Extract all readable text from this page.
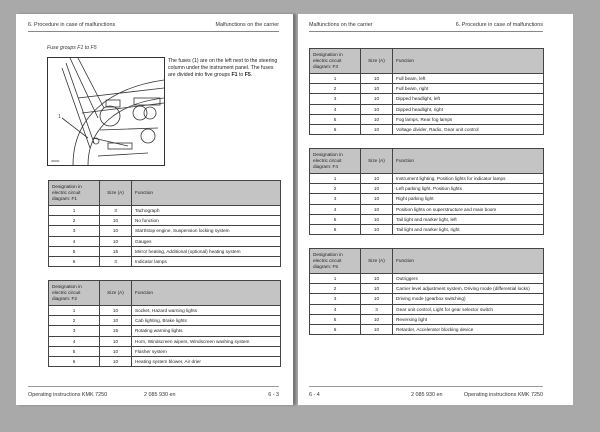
6. Procedure in case of malfunctions	Malfunctions on the carrier
Fuse groups F1 to F5
1
40000
The fuses (1) are on the left next to the steering column under the instrument panel. The fuses are divided into five groups F1 to F5.
Designation in electric circuit diagram: F1	Size (A)	Function
1	3	Tachograph
2	10	No function
3	10	Start/stop engine, Suspension locking system
4	10	Gauges
5	15	Mirror heating, Additional (optional) heating system
6	3	Indicator lamps
Designation in electric circuit diagram: F2	Size (A)	Function
1	10	Socket, Hazard warning lights
2	10	Cab lighting, Brake lights
3	15	Rotating warning lights
4	10	Horn, Windscreen wipers, Windscreen washing system
5	10	Flasher system
6	10	Heating system blower, Air drier
Operating instructions KMK 7250	2 085 930 en	6 - 3
Malfunctions on the carrier	6. Procedure in case of malfunctions
Designation in electric circuit diagram: F3	Size (A)	Function
1	10	Full beam, left
2	10	Full beam, right
3	10	Dipped headlight, left
4	10	Dipped headlight, right
5	10	Fog lamps, Rear fog lamps
6	10	Voltage divider, Radio, Gear unit control
Designation in electric circuit diagram: F4	Size (A)	Function
1	10	Instrument lighting, Position lights for indicator lamps
2	10	Left parking light, Position lights
3	10	Right parking light
4	10	Position lights on superstructure and main boom
5	10	Tail light and marker light, left
6	10	Tail light and marker light, right
Designation in electric circuit diagram: F5	Size (A)	Function
1	10	Outriggers
2	10	Carrier level adjustment system, Driving mode (differential locks)
3	10	Driving mode (gearbox switching)
4	3	Gear unit control, Light for gear selector switch
5	10	Reversing light
6	10	Retarder, Accelerator blocking device
6 - 4	2 085 930 en	Operating instructions KMK 7250
